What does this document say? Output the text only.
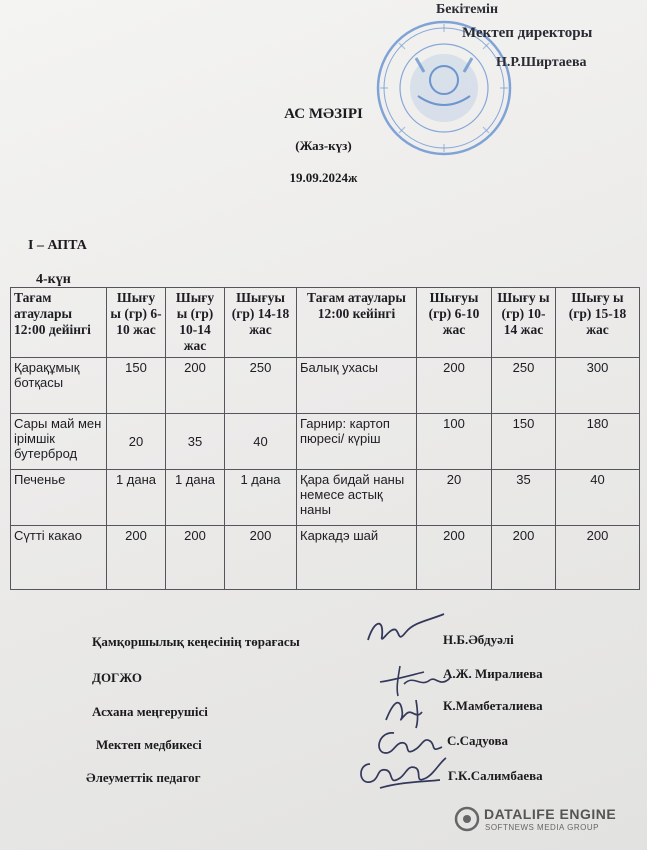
Бекітемін
Мектеп директоры
Н.Р.Ширтаева
АС МӘЗІРІ
(Жаз-күз)
19.09.2024ж
I – АПТА
4-күн
Тағам атаулары 12:00 дейінгі	Шығу ы (гр) 6-10 жас	Шығу ы (гр) 10-14 жас	Шығуы (гр) 14-18 жас	Тағам атаулары 12:00 кейінгі	Шығуы (гр) 6-10 жас	Шығу ы (гр) 10-14 жас	Шығу ы (гр) 15-18 жас
Қарақұмық ботқасы	150	200	250	Балық ухасы	200	250	300
Сары май мен ірімшік бутерброд	20	35	40	Гарнир: картоп пюресі/ күріш	100	150	180
Печенье	1 дана	1 дана	1 дана	Қара бидай наны немесе астық наны	20	35	40
Сүтті какао	200	200	200	Каркадэ шай	200	200	200
Қамқоршылық кеңесінің төрағасы	Н.Б.Әбдуәлі
ДОГЖО	А.Ж. Миралиева
Асхана меңгерушісі	К.Мамбеталиева
Мектеп медбикесі	С.Садуова
Әлеуметтік педагог	Г.К.Салимбаева
DATALIFE ENGINE
SOFTNEWS MEDIA GROUP
